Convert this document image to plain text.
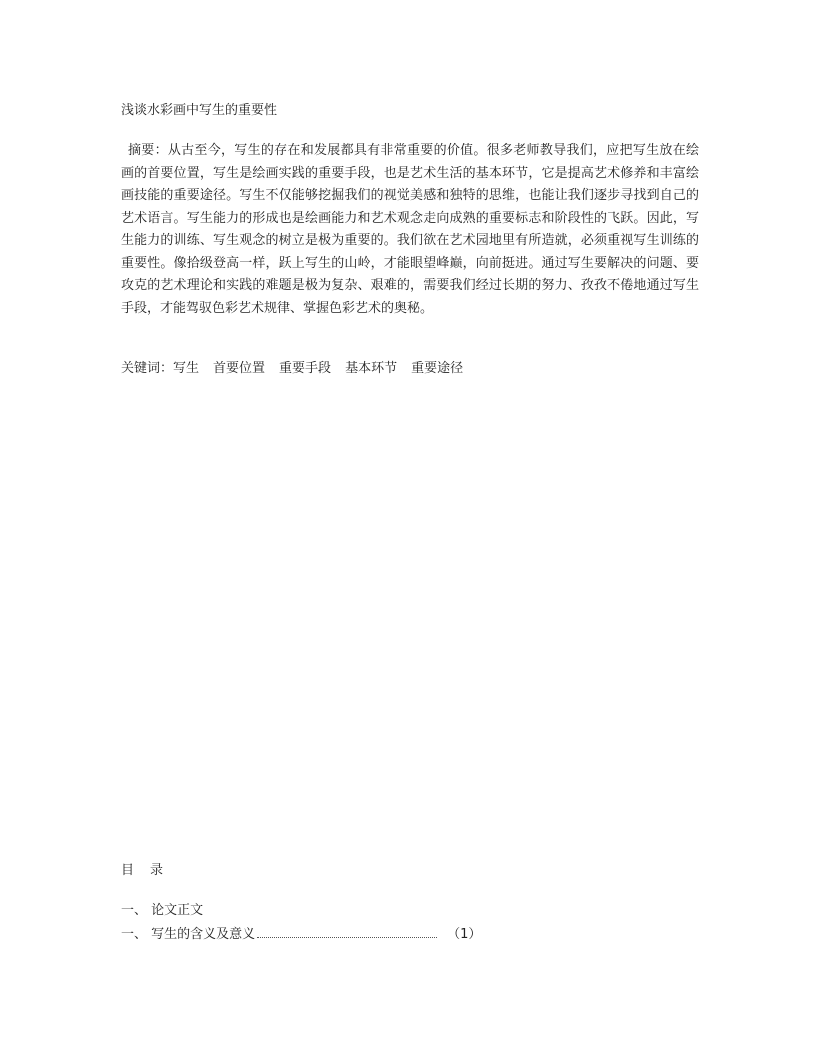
浅谈水彩画中写生的重要性
摘要：从古至今，写生的存在和发展都具有非常重要的价值。很多老师教导我们，应把写生放在绘画的首要位置，写生是绘画实践的重要手段，也是艺术生活的基本环节，它是提高艺术修养和丰富绘画技能的重要途径。写生不仅能够挖掘我们的视觉美感和独特的思维，也能让我们逐步寻找到自己的艺术语言。写生能力的形成也是绘画能力和艺术观念走向成熟的重要标志和阶段性的飞跃。因此，写生能力的训练、写生观念的树立是极为重要的。我们欲在艺术园地里有所造就，必须重视写生训练的重要性。像拾级登高一样，跃上写生的山岭，才能眼望峰巅，向前挺进。通过写生要解决的问题、要攻克的艺术理论和实践的难题是极为复杂、艰难的，需要我们经过长期的努力、孜孜不倦地通过写生手段，才能驾驭色彩艺术规律、掌握色彩艺术的奥秘。
关键词：写生 首要位置 重要手段 基本环节 重要途径
目录
一、 论文正文
一、 写生的含义及意义	（1）
